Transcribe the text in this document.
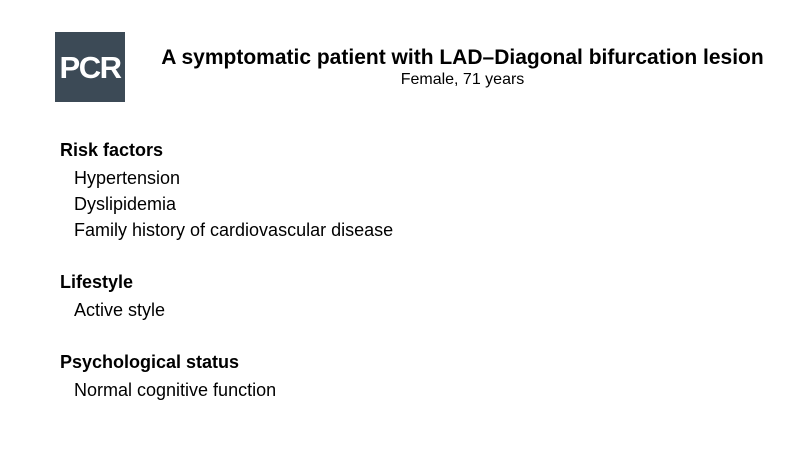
PCR	A symptomatic patient with LAD–Diagonal bifurcation lesion

Female, 71 years

Risk factors

Hypertension
Dyslipidemia
Family history of cardiovascular disease

Lifestyle

Active style

Psychological status

Normal cognitive function
